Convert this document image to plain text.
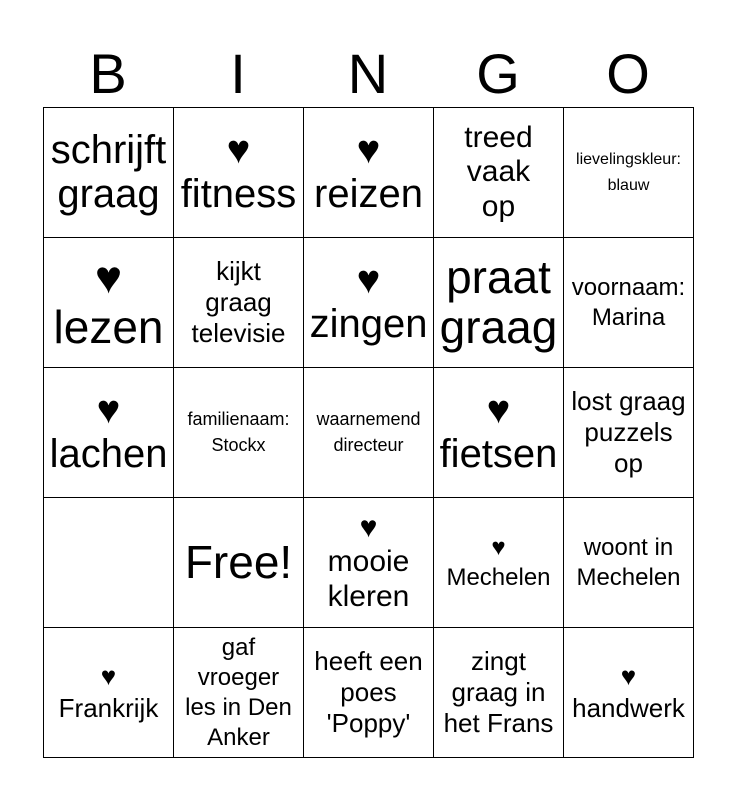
B	I	N	G	O
schrijft
graag
♥
fitness
♥
reizen
treed
vaak
op
lievelingskleur:
blauw
♥
lezen
kijkt
graag
televisie
♥
zingen
praat
graag
voornaam:
Marina
♥
lachen
familienaam:
Stockx
waarnemend
directeur
♥
fietsen
lost graag
puzzels
op
Free!
♥
mooie
kleren
♥
Mechelen
woont in
Mechelen
♥
Frankrijk
gaf
vroeger
les in Den
Anker
heeft een
poes
'Poppy'
zingt
graag in
het Frans
♥
handwerk
